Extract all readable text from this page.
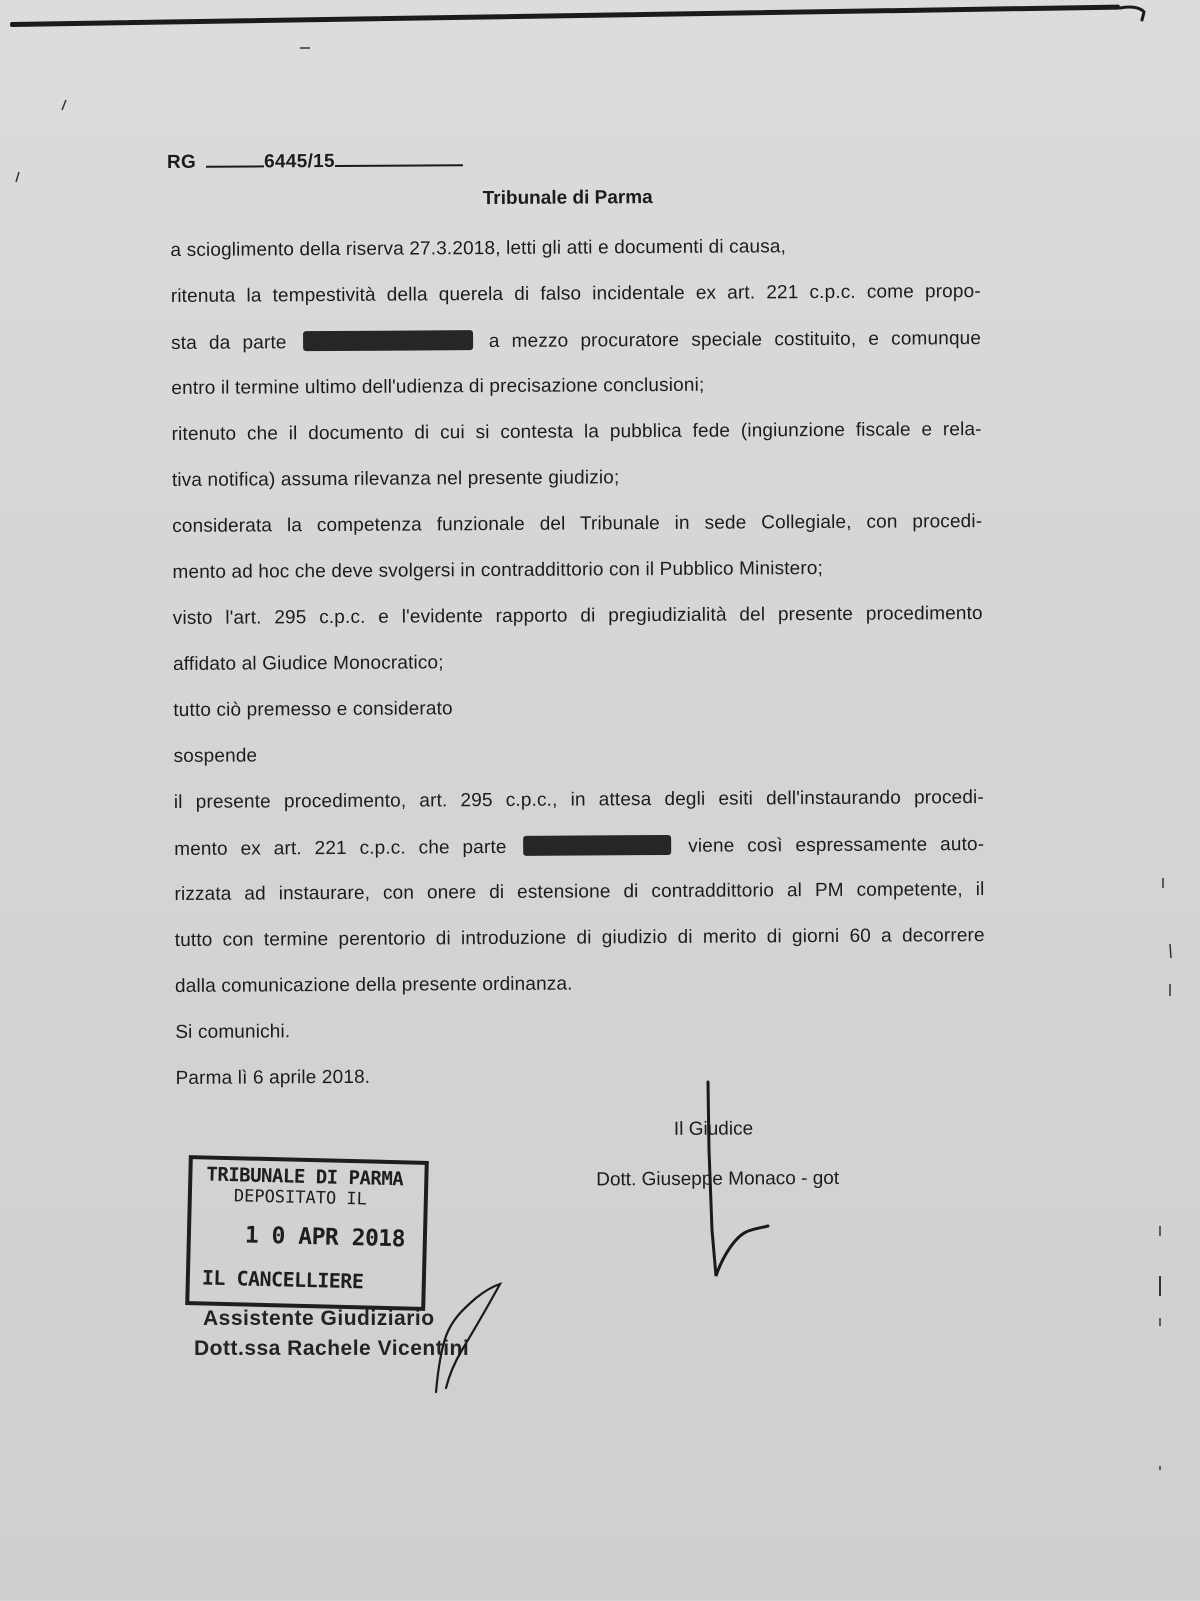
RG	6445/15
Tribunale di Parma
a scioglimento della riserva 27.3.2018, letti gli atti e documenti di causa,
ritenuta la tempestività della querela di falso incidentale ex art. 221 c.p.c. come propo-
sta da parte	a mezzo procuratore speciale costituito, e comunque
entro il termine ultimo dell'udienza di precisazione conclusioni;
ritenuto che il documento di cui si contesta la pubblica fede (ingiunzione fiscale e rela-
tiva notifica) assuma rilevanza nel presente giudizio;
considerata la competenza funzionale del Tribunale in sede Collegiale, con procedi-
mento ad hoc che deve svolgersi in contraddittorio con il Pubblico Ministero;
visto l'art. 295 c.p.c. e l'evidente rapporto di pregiudizialità del presente procedimento
affidato al Giudice Monocratico;
tutto ciò premesso e considerato
sospende
il presente procedimento, art. 295 c.p.c., in attesa degli esiti dell'instaurando procedi-
mento ex art. 221 c.p.c. che parte	viene così espressamente auto-
rizzata ad instaurare, con onere di estensione di contraddittorio al PM competente, il
tutto con termine perentorio di introduzione di giudizio di merito di giorni 60 a decorrere
dalla comunicazione della presente ordinanza.
Si comunichi.
Parma lì 6 aprile 2018.
Il Giudice
Dott. Giuseppe Monaco - got
TRIBUNALE DI PARMA
DEPOSITATO IL
1 0 APR 2018
IL CANCELLIERE
Assistente Giudiziario
Dott.ssa Rachele Vicentini
